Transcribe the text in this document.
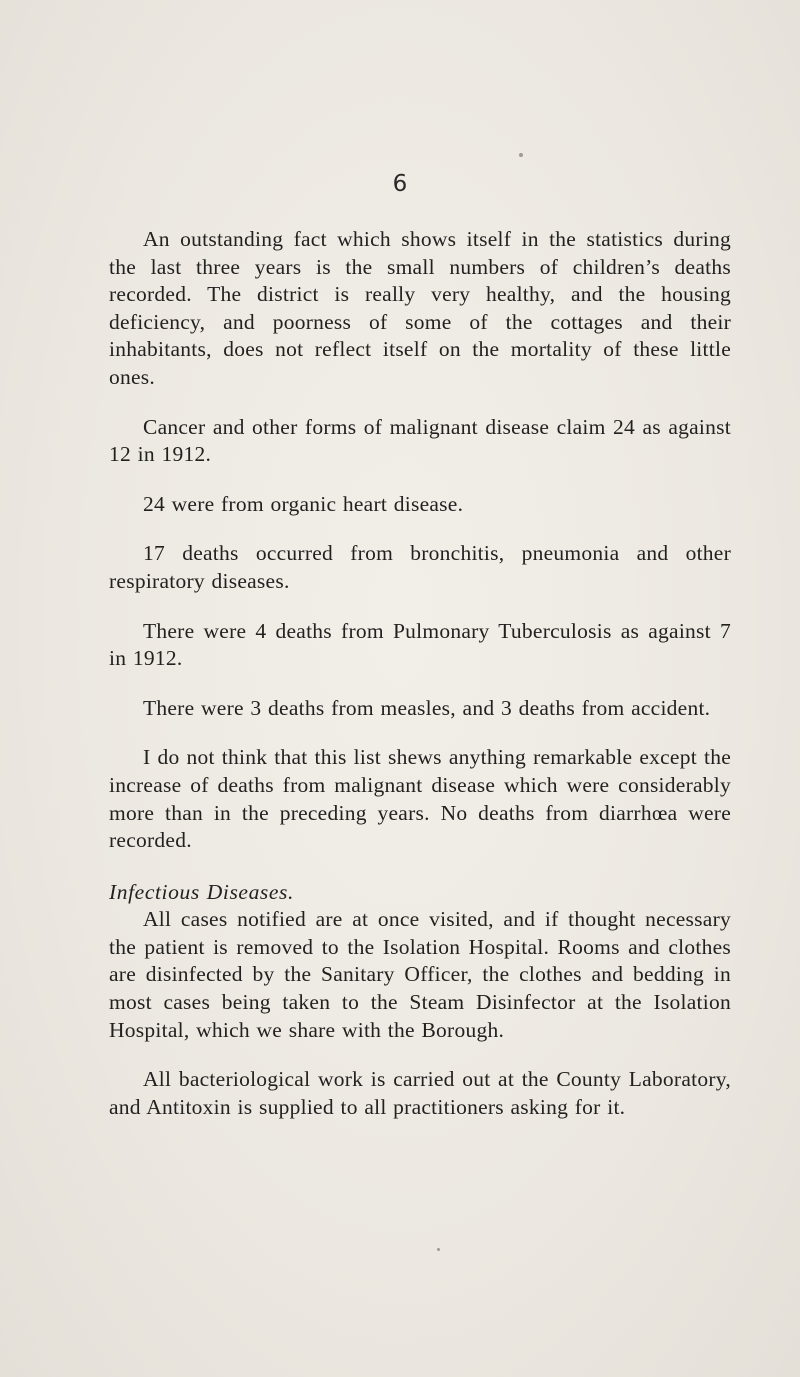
6

An outstanding fact which shows itself in the statistics during the last three years is the small numbers of children’s deaths recorded. The district is really very healthy, and the housing deficiency, and poorness of some of the cottages and their inhabitants, does not reflect itself on the mortality of these little ones.

Cancer and other forms of malignant disease claim 24 as against 12 in 1912.

24 were from organic heart disease.

17 deaths occurred from bronchitis, pneumonia and other respiratory diseases.

There were 4 deaths from Pulmonary Tuberculosis as against 7 in 1912.

There were 3 deaths from measles, and 3 deaths from accident.

I do not think that this list shews anything remarkable except the increase of deaths from malignant disease which were considerably more than in the preceding years. No deaths from diarrhœa were recorded.

Infectious Diseases.

All cases notified are at once visited, and if thought necessary the patient is removed to the Isolation Hospital. Rooms and clothes are disinfected by the Sanitary Officer, the clothes and bedding in most cases being taken to the Steam Disinfector at the Isolation Hospital, which we share with the Borough.

All bacteriological work is carried out at the County Laboratory, and Antitoxin is supplied to all practitioners asking for it.
